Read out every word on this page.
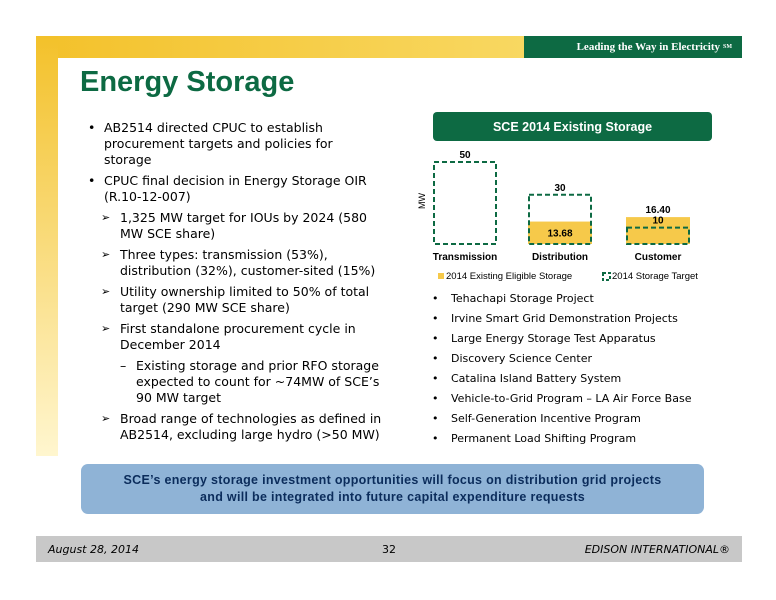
Leading the Way in Electricity SM
Energy Storage
• AB2514 directed CPUC to establish procurement targets and policies for storage
• CPUC final decision in Energy Storage OIR (R.10-12-007)
➢ 1,325 MW target for IOUs by 2024 (580 MW SCE share)
➢ Three types: transmission (53%), distribution (32%), customer-sited (15%)
➢ Utility ownership limited to 50% of total target (290 MW SCE share)
➢ First standalone procurement cycle in December 2014
– Existing storage and prior RFO storage expected to count for ~74MW of SCE’s 90 MW target
➢ Broad range of technologies as defined in AB2514, excluding large hydro (>50 MW)
SCE 2014 Existing Storage
MW
50
Transmission
30
13.68
Distribution
10
16.40
Customer
2014 Existing Eligible Storage	2014 Storage Target
• Tehachapi Storage Project
• Irvine Smart Grid Demonstration Projects
• Large Energy Storage Test Apparatus
• Discovery Science Center
• Catalina Island Battery System
• Vehicle-to-Grid Program – LA Air Force Base
• Self-Generation Incentive Program
• Permanent Load Shifting Program
SCE’s energy storage investment opportunities will focus on distribution grid projects
and will be integrated into future capital expenditure requests
August 28, 2014	32	EDISON INTERNATIONAL®
